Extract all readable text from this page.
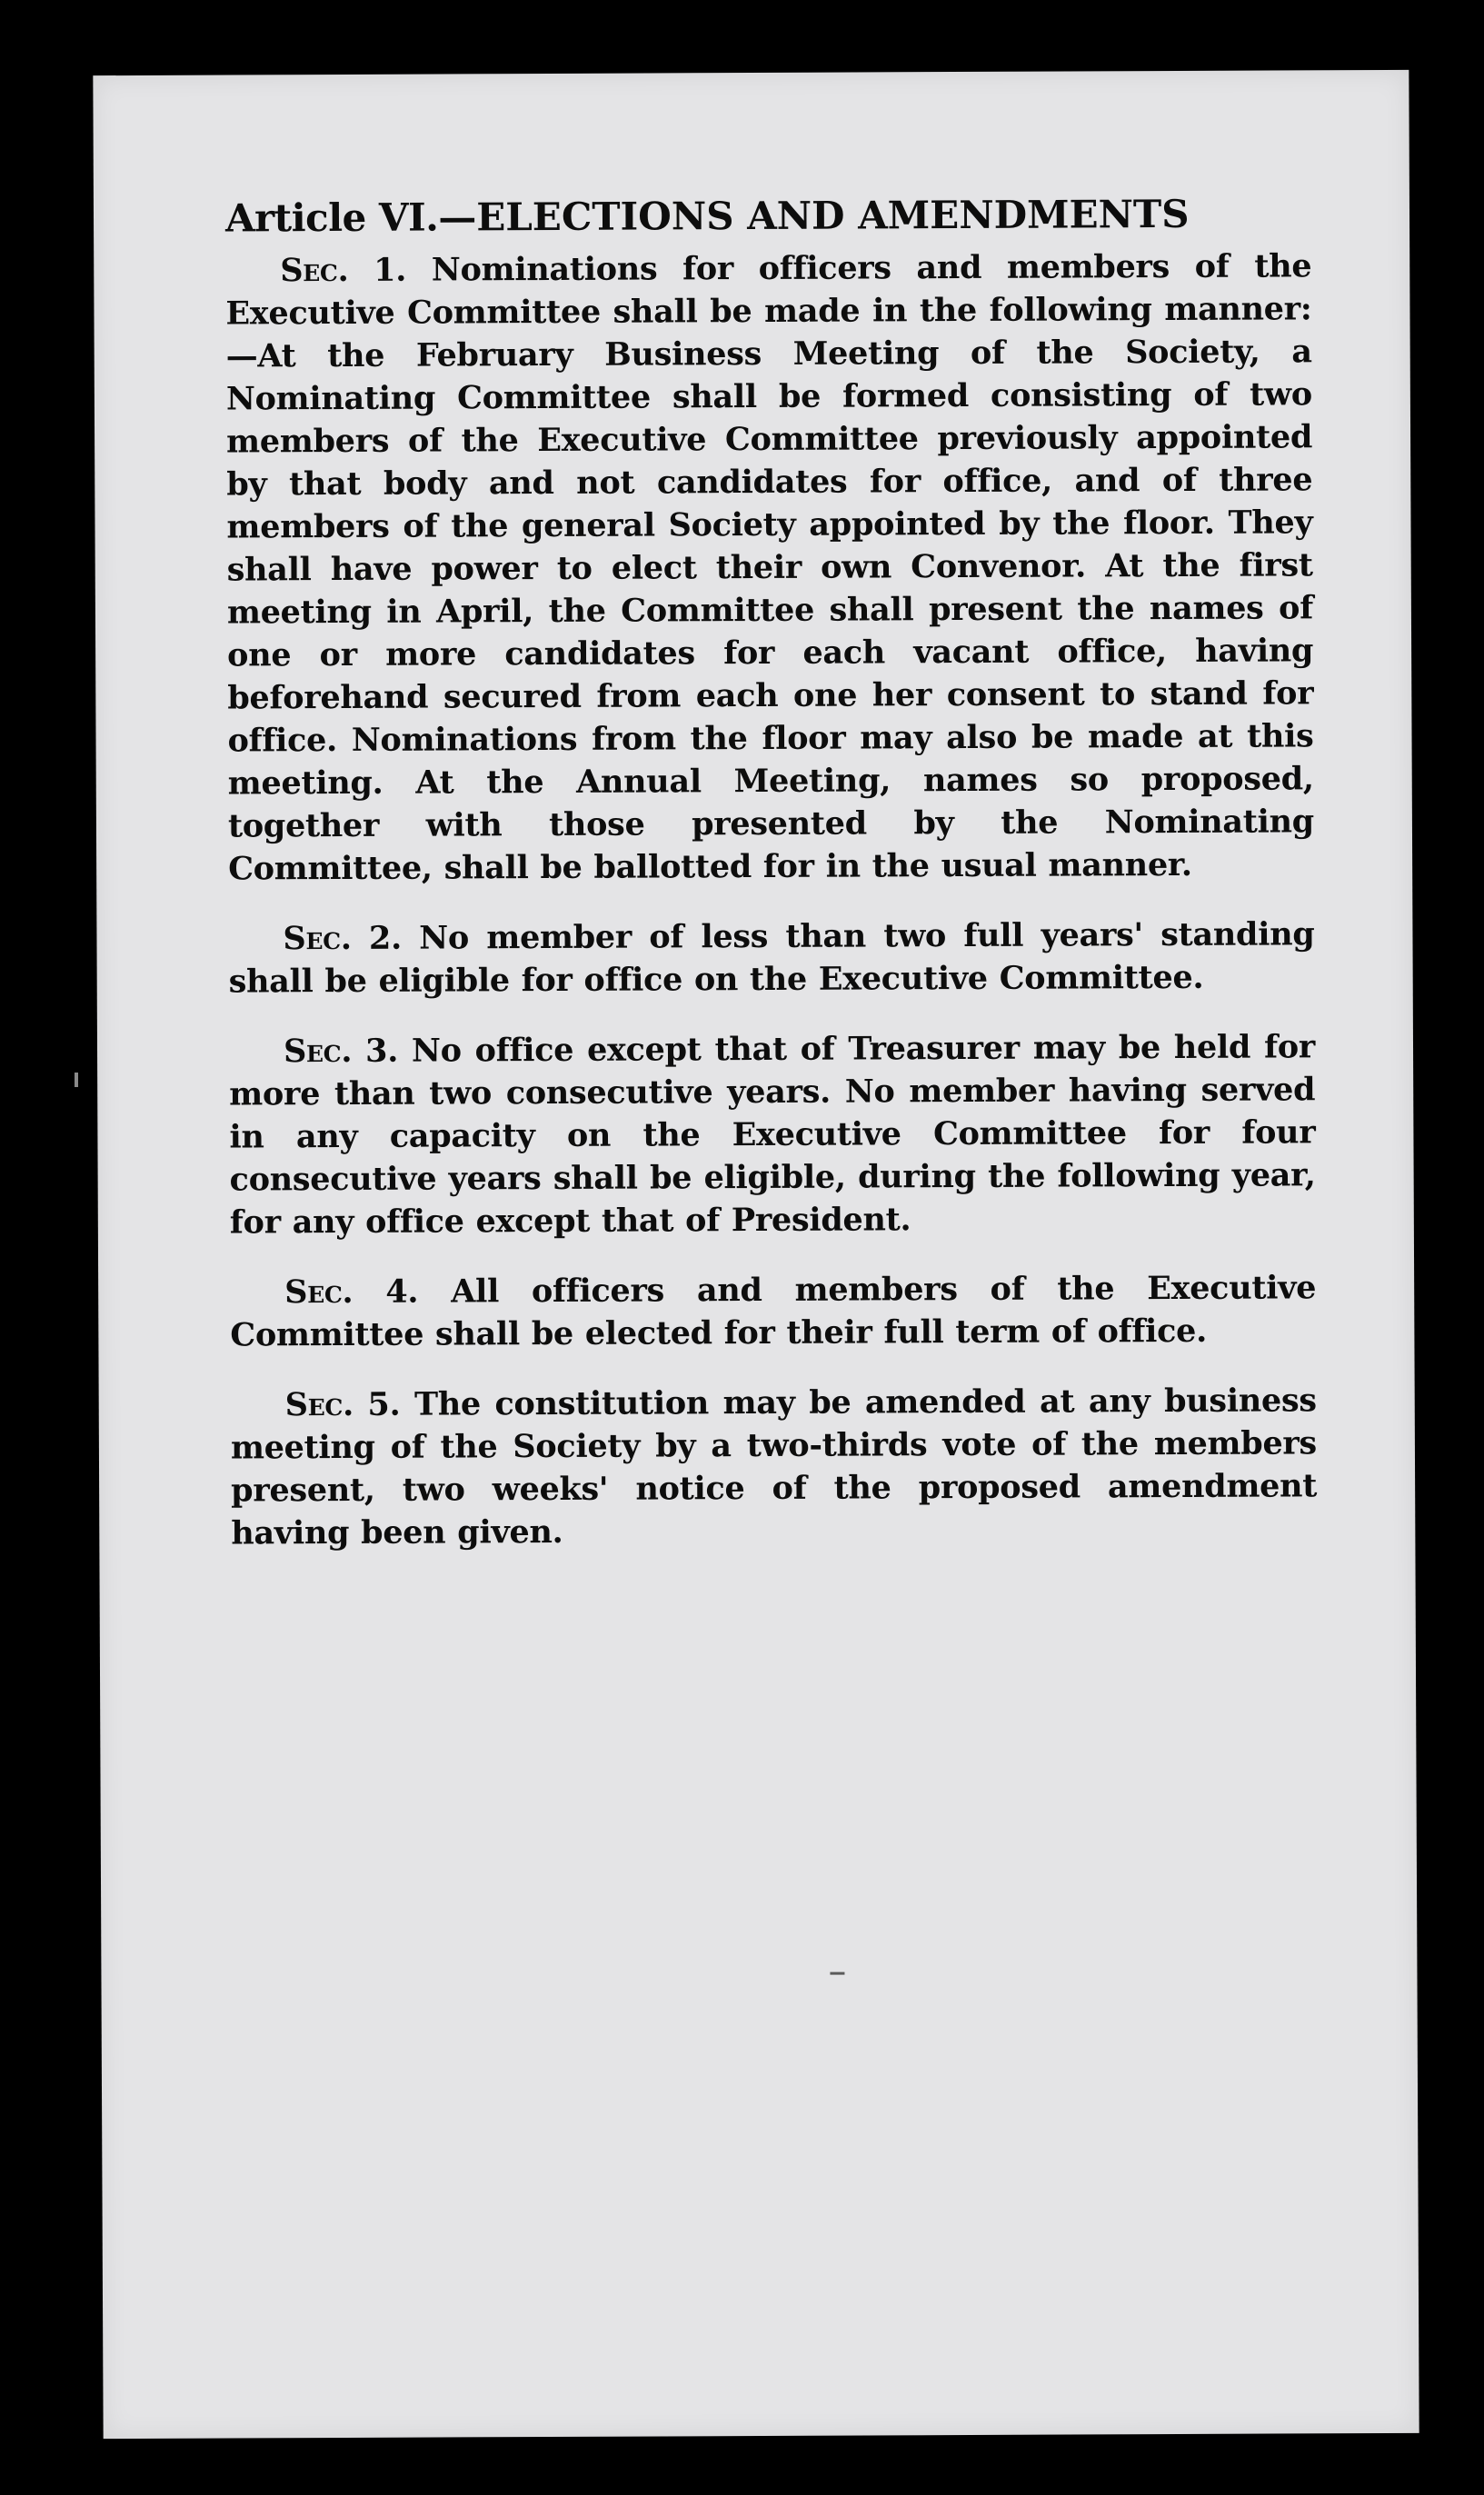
Article VI.—ELECTIONS AND AMENDMENTS

Sec. 1. Nominations for officers and members of the Executive Committee shall be made in the following manner:—At the February Business Meeting of the Society, a Nominating Committee shall be formed consisting of two members of the Executive Committee previously appointed by that body and not candidates for office, and of three members of the general Society appointed by the floor. They shall have power to elect their own Convenor. At the first meeting in April, the Committee shall present the names of one or more candidates for each vacant office, having beforehand secured from each one her consent to stand for office. Nominations from the floor may also be made at this meeting. At the Annual Meeting, names so proposed, together with those presented by the Nominating Committee, shall be ballotted for in the usual manner.

Sec. 2. No member of less than two full years' standing shall be eligible for office on the Executive Committee.

Sec. 3. No office except that of Treasurer may be held for more than two consecutive years. No member having served in any capacity on the Executive Committee for four consecutive years shall be eligible, during the following year, for any office except that of President.

Sec. 4. All officers and members of the Executive Committee shall be elected for their full term of office.

Sec. 5. The constitution may be amended at any business meeting of the Society by a two-thirds vote of the members present, two weeks' notice of the proposed amendment having been given.
